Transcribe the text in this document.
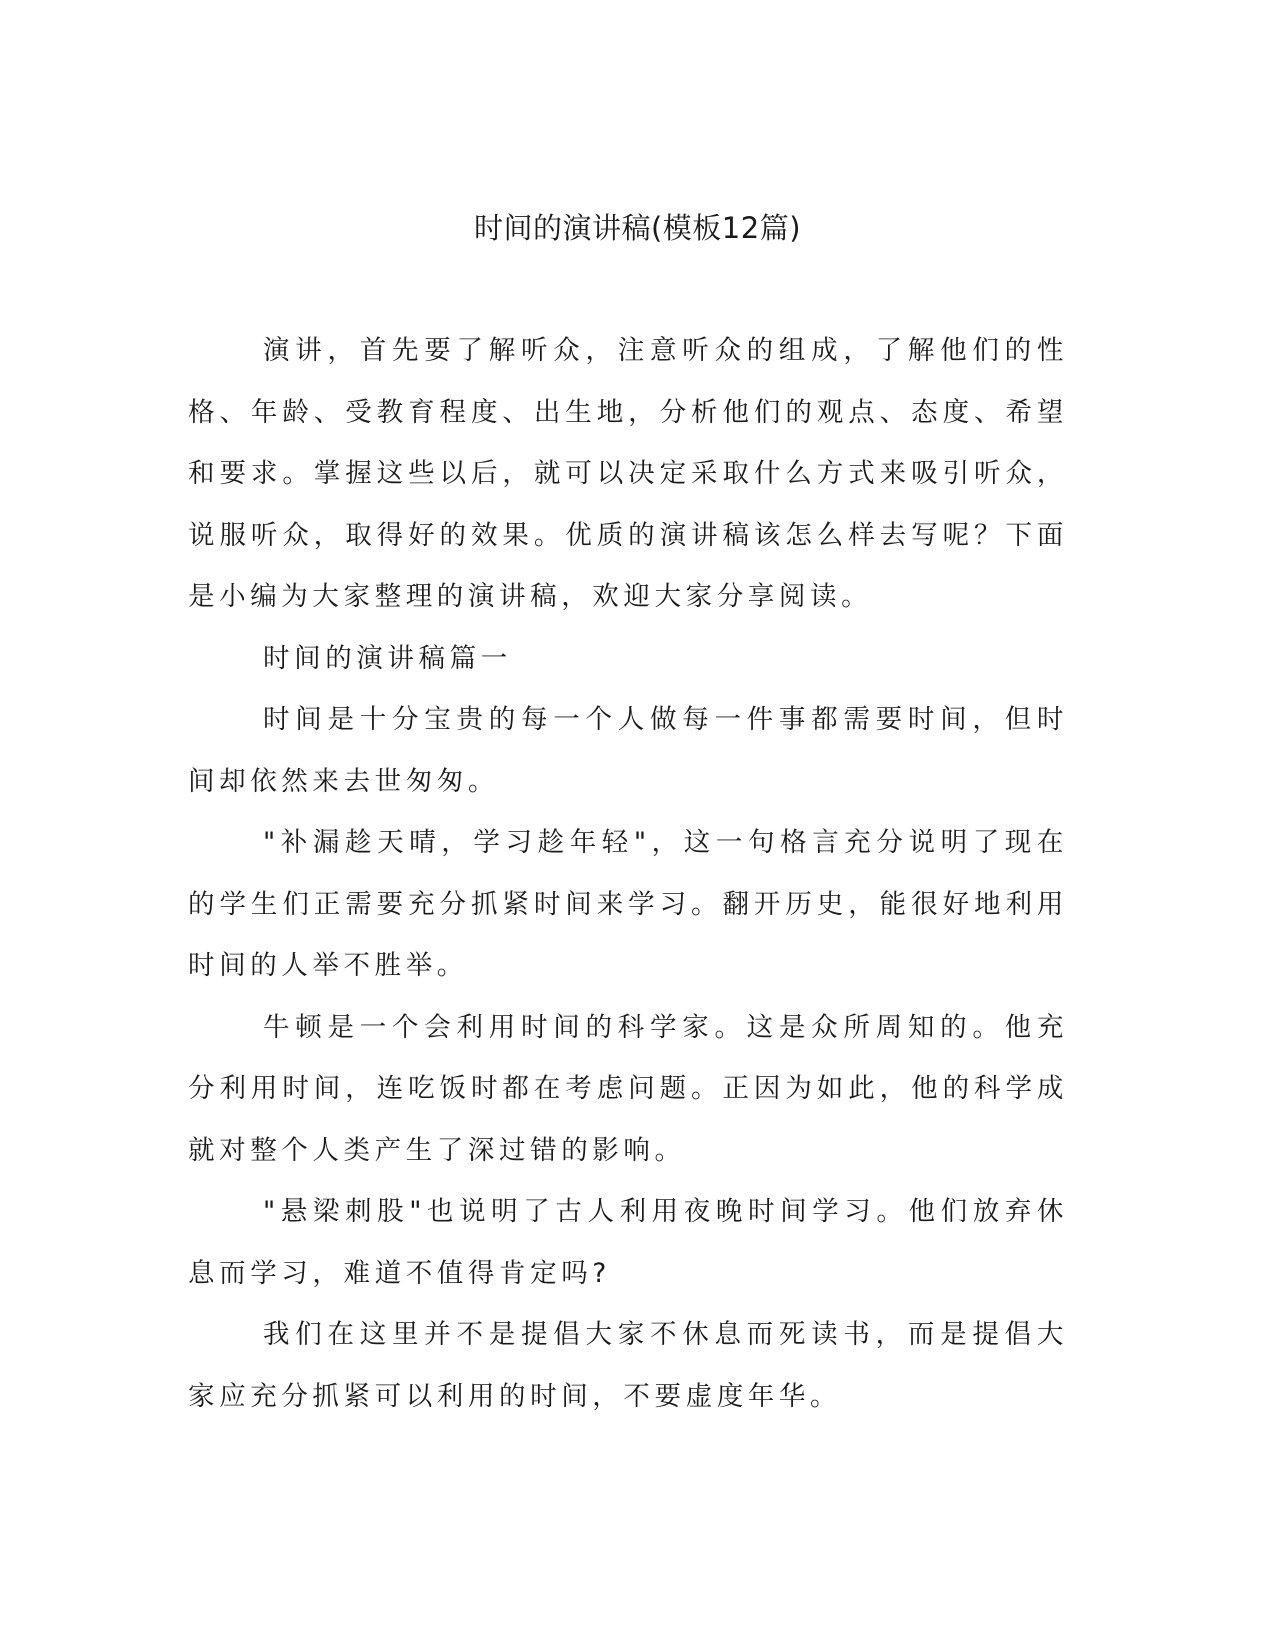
时间的演讲稿(模板12篇)

演讲，首先要了解听众，注意听众的组成，了解他们的性格、年龄、受教育程度、出生地，分析他们的观点、态度、希望和要求。掌握这些以后，就可以决定采取什么方式来吸引听众，说服听众，取得好的效果。优质的演讲稿该怎么样去写呢？下面是小编为大家整理的演讲稿，欢迎大家分享阅读。

时间的演讲稿篇一

时间是十分宝贵的每一个人做每一件事都需要时间，但时间却依然来去世匆匆。

"补漏趁天晴，学习趁年轻"，这一句格言充分说明了现在的学生们正需要充分抓紧时间来学习。翻开历史，能很好地利用时间的人举不胜举。

牛顿是一个会利用时间的科学家。这是众所周知的。他充分利用时间，连吃饭时都在考虑问题。正因为如此，他的科学成就对整个人类产生了深过错的影响。

"悬梁刺股"也说明了古人利用夜晚时间学习。他们放弃休息而学习，难道不值得肯定吗?

我们在这里并不是提倡大家不休息而死读书，而是提倡大家应充分抓紧可以利用的时间，不要虚度年华。
